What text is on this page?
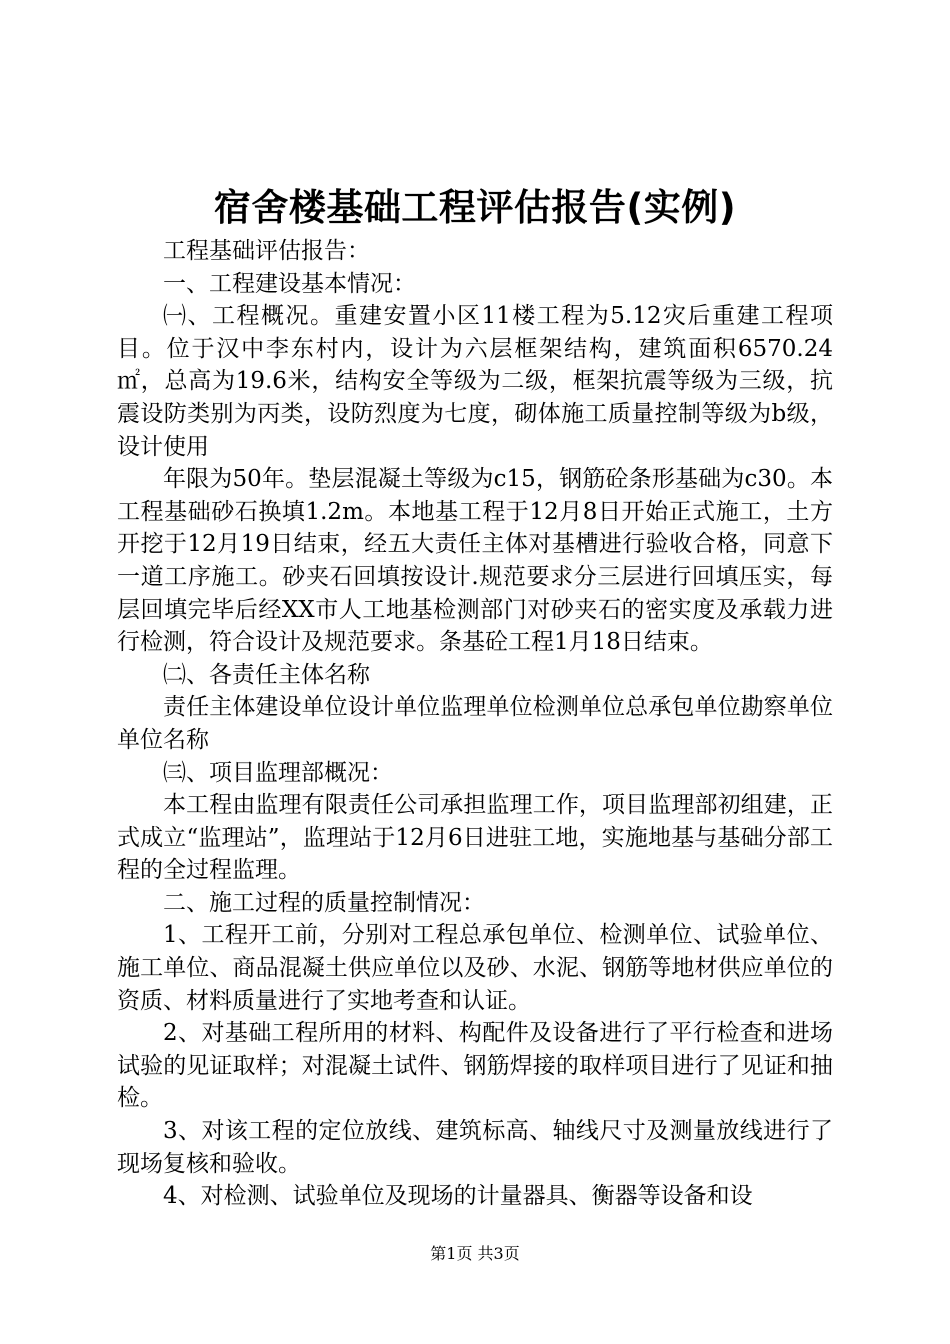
宿舍楼基础工程评估报告(实例)

工程基础评估报告：

一、工程建设基本情况：

㈠、工程概况。重建安置小区11楼工程为5.12灾后重建工程项目。位于汉中李东村内，设计为六层框架结构，建筑面积6570.24㎡，总高为19.6米，结构安全等级为二级，框架抗震等级为三级，抗震设防类别为丙类，设防烈度为七度，砌体施工质量控制等级为b级，设计使用

年限为50年。垫层混凝土等级为c15，钢筋砼条形基础为c30。本工程基础砂石换填1.2m。本地基工程于12月8日开始正式施工，土方开挖于12月19日结束，经五大责任主体对基槽进行验收合格，同意下一道工序施工。砂夹石回填按设计.规范要求分三层进行回填压实，每层回填完毕后经XX市人工地基检测部门对砂夹石的密实度及承载力进行检测，符合设计及规范要求。条基砼工程1月18日结束。

㈡、各责任主体名称

责任主体建设单位设计单位监理单位检测单位总承包单位勘察单位单位名称

㈢、项目监理部概况：

本工程由监理有限责任公司承担监理工作，项目监理部初组建，正式成立“监理站”，监理站于12月6日进驻工地，实施地基与基础分部工程的全过程监理。

二、施工过程的质量控制情况：

1、工程开工前，分别对工程总承包单位、检测单位、试验单位、施工单位、商品混凝土供应单位以及砂、水泥、钢筋等地材供应单位的资质、材料质量进行了实地考查和认证。

2、对基础工程所用的材料、构配件及设备进行了平行检查和进场试验的见证取样；对混凝土试件、钢筋焊接的取样项目进行了见证和抽检。

3、对该工程的定位放线、建筑标高、轴线尺寸及测量放线进行了现场复核和验收。

4、对检测、试验单位及现场的计量器具、衡器等设备和设

第1页 共3页
